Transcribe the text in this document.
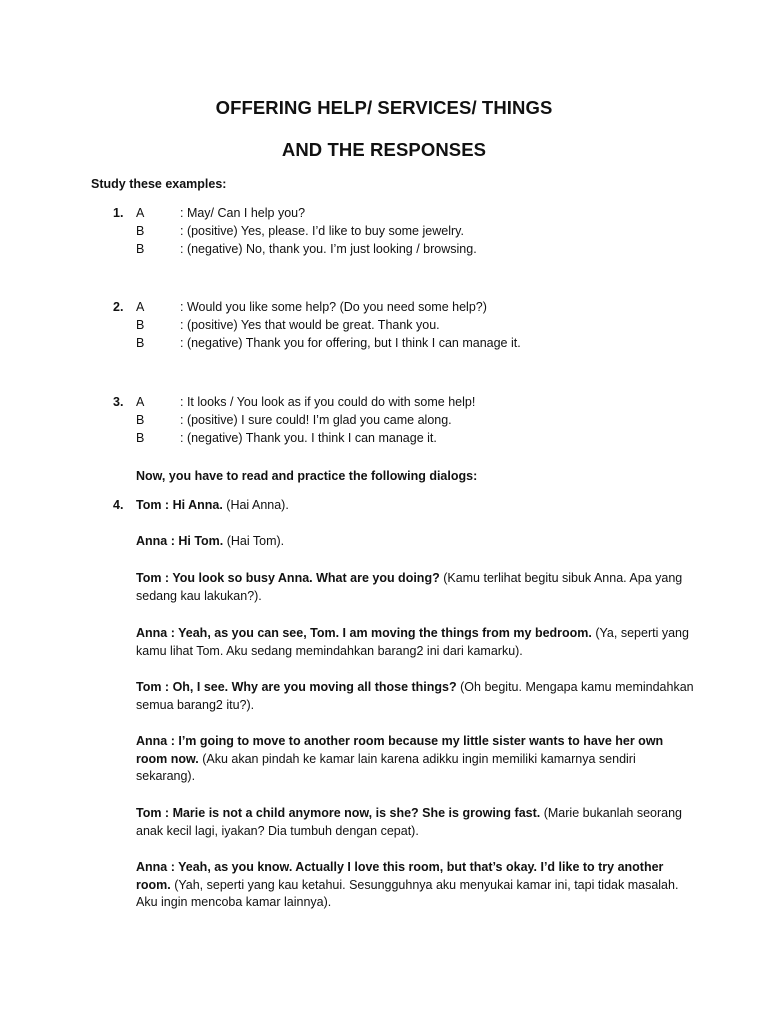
OFFERING HELP/ SERVICES/ THINGS
AND THE RESPONSES
Study these examples:
1. A	: May/ Can I help you?
B	: (positive) Yes, please. I’d like to buy some jewelry.
B	: (negative) No, thank you. I’m just looking / browsing.
2. A	: Would you like some help? (Do you need some help?)
B	: (positive) Yes that would be great. Thank you.
B	: (negative) Thank you for offering, but I think I can manage it.
3. A	: It looks / You look as if you could do with some help!
B	: (positive) I sure could! I’m glad you came along.
B	: (negative) Thank you. I think I can manage it.
Now, you have to read and practice the following dialogs:
4. Tom : Hi Anna. (Hai Anna).
Anna : Hi Tom. (Hai Tom).
Tom : You look so busy Anna. What are you doing? (Kamu terlihat begitu sibuk Anna. Apa yang sedang kau lakukan?).
Anna : Yeah, as you can see, Tom. I am moving the things from my bedroom. (Ya, seperti yang kamu lihat Tom. Aku sedang memindahkan barang2 ini dari kamarku).
Tom : Oh, I see. Why are you moving all those things? (Oh begitu. Mengapa kamu memindahkan semua barang2 itu?).
Anna : I’m going to move to another room because my little sister wants to have her own room now. (Aku akan pindah ke kamar lain karena adikku ingin memiliki kamarnya sendiri sekarang).
Tom : Marie is not a child anymore now, is she? She is growing fast. (Marie bukanlah seorang anak kecil lagi, iyakan? Dia tumbuh dengan cepat).
Anna : Yeah, as you know. Actually I love this room, but that’s okay. I’d like to try another room. (Yah, seperti yang kau ketahui. Sesungguhnya aku menyukai kamar ini, tapi tidak masalah. Aku ingin mencoba kamar lainnya).
